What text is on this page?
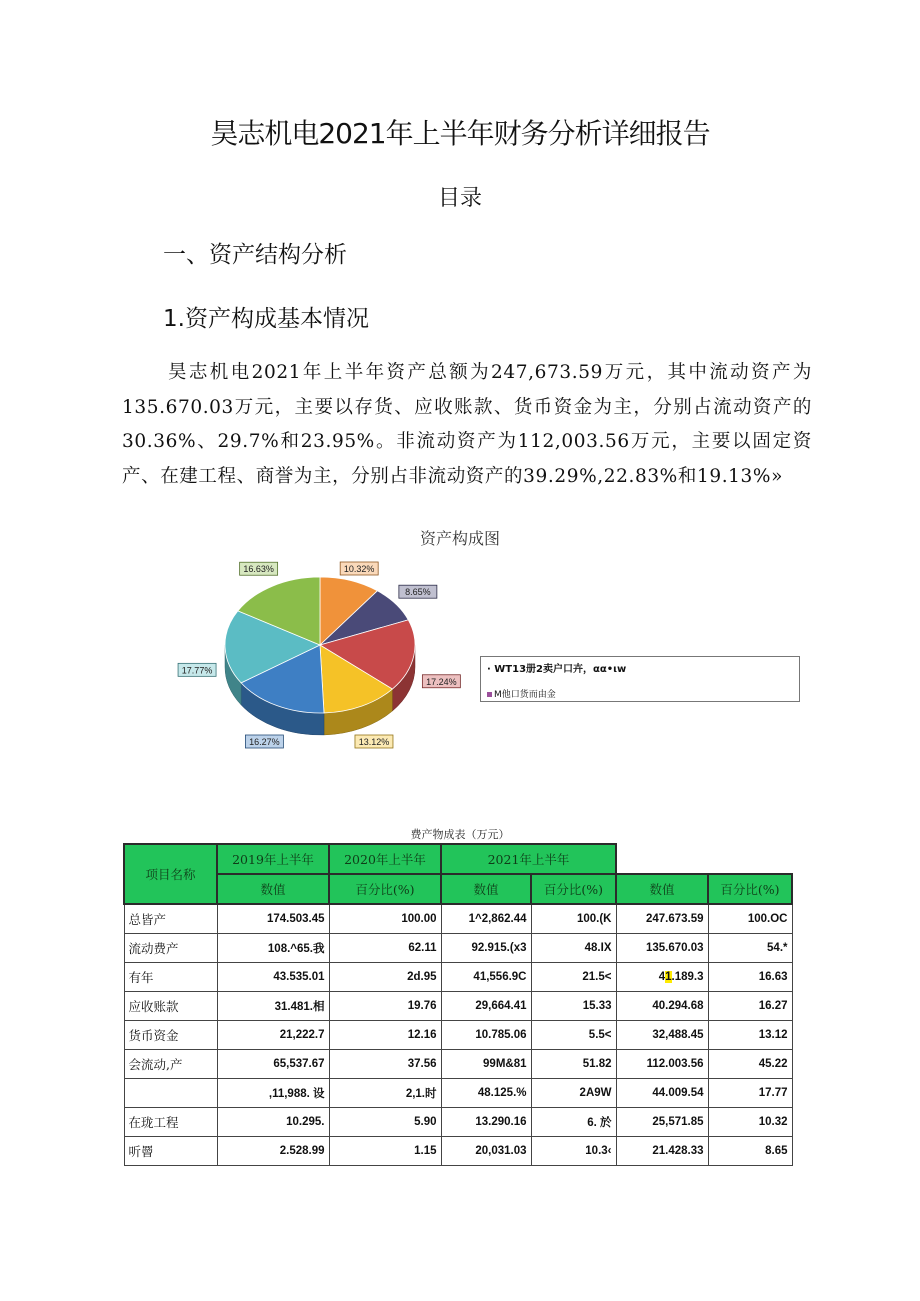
昊志机电2021年上半年财务分析详细报告
目录
一、资产结构分析
1.资产构成基本情况
昊志机电2021年上半年资产总额为247,673.59万元，其中流动资产为135.670.03万元，主要以存货、应收账款、货币资金为主，分别占流动资产的30.36%、29.7%和23.95%。非流动资产为112,003.56万元，主要以固定资产、在建工程、商誉为主，分别占非流动资产的39.29%,22.83%和19.13%»
资产构成图
10.32%
8.65%
17.24%
13.12%
16.27%
17.77%
16.63%
· WT13册2卖户口卉，αα•ιw
M他口货而由金
费产物成表（万元）
项目名称	2019年上半年	2020年上半年	2021年上半年			
	数值	百分比(%)	数值	百分比(%)	数值	百分比(%)
总皆产	174.503.45	100.00	1^2,862.44	100.(K	247.673.59	100.OC
流动费产	108.^65.我	62.11	92.915.(x3	48.IX	135.670.03	54.*
有年	43.535.01	2d.95	41,556.9C	21.5<	41.189.3	16.63
应收账款	31.481.相	19.76	29,664.41	15.33	40.294.68	16.27
货币资金	21,222.7	12.16	10.785.06	5.5<	32,488.45	13.12
会流动,产	65,537.67	37.56	99M&81	51.82	112.003.56	45.22
	,11,988. 设	2,1.时	48.125.%	2A9W	44.009.54	17.77
在珑工程	10.295.	5.90	13.290.16	6. 於	25,571.85	10.32
听罾	2.528.99	1.15	20,031.03	10.3‹	21.428.33	8.65
